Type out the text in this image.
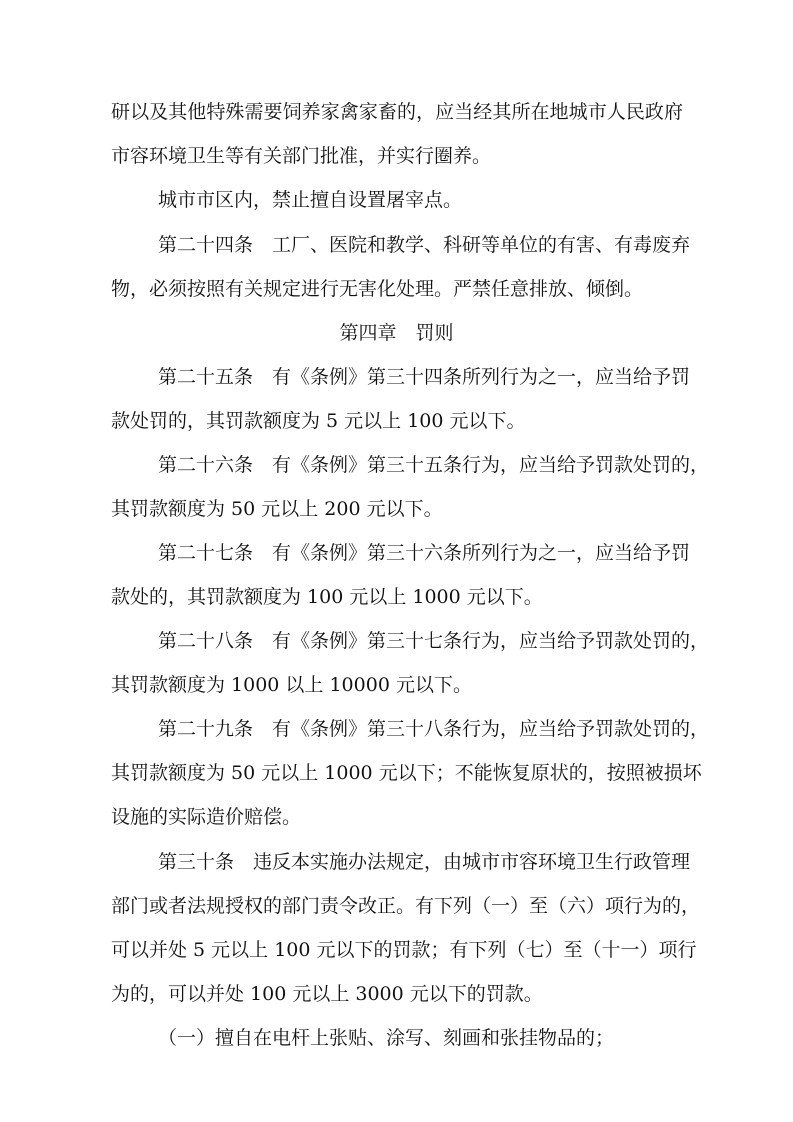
研以及其他特殊需要饲养家禽家畜的，应当经其所在地城市人民政府
市容环境卫生等有关部门批准，并实行圈养。
城市市区内，禁止擅自设置屠宰点。
第二十四条　工厂、医院和教学、科研等单位的有害、有毒废弃
物，必须按照有关规定进行无害化处理。严禁任意排放、倾倒。
第四章　罚则
第二十五条　有《条例》第三十四条所列行为之一，应当给予罚
款处罚的，其罚款额度为 5 元以上 100 元以下。
第二十六条　有《条例》第三十五条行为，应当给予罚款处罚的，
其罚款额度为 50 元以上 200 元以下。
第二十七条　有《条例》第三十六条所列行为之一，应当给予罚
款处的，其罚款额度为 100 元以上 1000 元以下。
第二十八条　有《条例》第三十七条行为，应当给予罚款处罚的，
其罚款额度为 1000 以上 10000 元以下。
第二十九条　有《条例》第三十八条行为，应当给予罚款处罚的，
其罚款额度为 50 元以上 1000 元以下；不能恢复原状的，按照被损坏
设施的实际造价赔偿。
第三十条　违反本实施办法规定，由城市市容环境卫生行政管理
部门或者法规授权的部门责令改正。有下列（一）至（六）项行为的，
可以并处 5 元以上 100 元以下的罚款；有下列（七）至（十一）项行
为的，可以并处 100 元以上 3000 元以下的罚款。
（一）擅自在电杆上张贴、涂写、刻画和张挂物品的；
